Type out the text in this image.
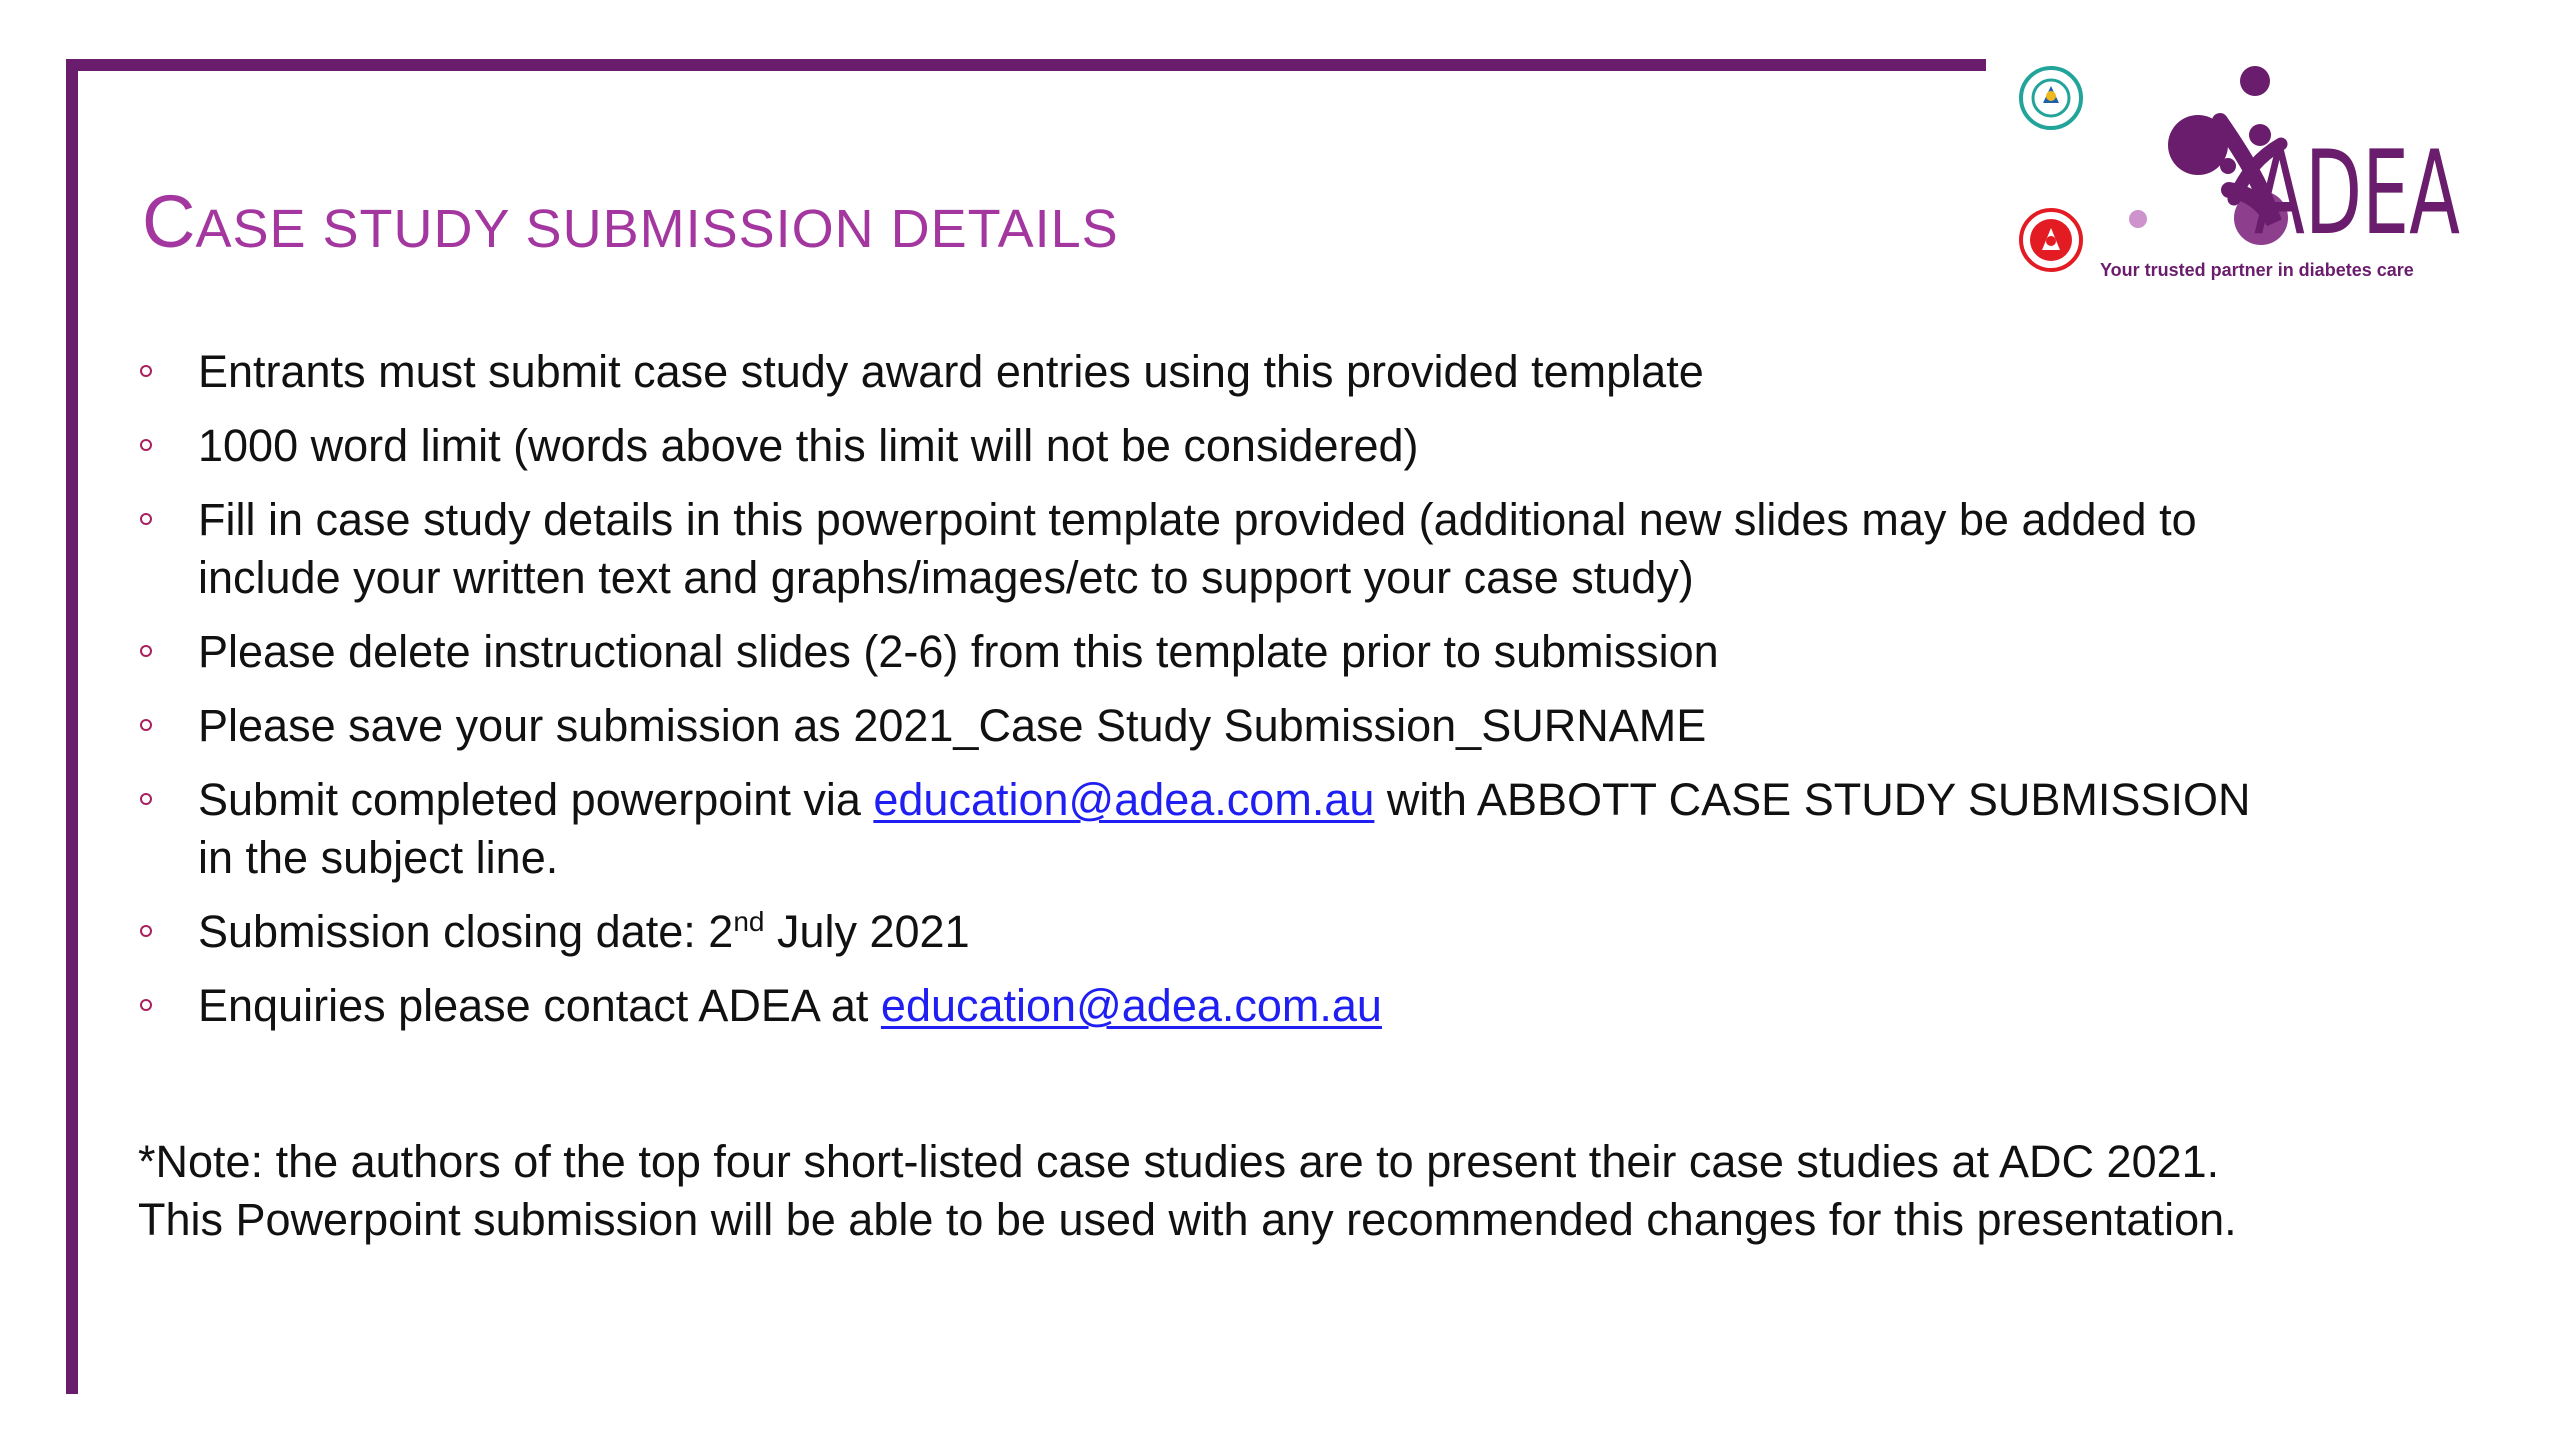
CASE STUDY SUBMISSION DETAILS	ADEA
Your trusted partner in diabetes care
Entrants must submit case study award entries using this provided template
1000 word limit (words above this limit will not be considered)
Fill in case study details in this powerpoint template provided (additional new slides may be added to include your written text and graphs/images/etc to support your case study)
Please delete instructional slides (2-6) from this template prior to submission
Please save your submission as 2021_Case Study Submission_SURNAME
Submit completed powerpoint via education@adea.com.au with ABBOTT CASE STUDY SUBMISSION in the subject line.
Submission closing date: 2nd July 2021
Enquiries please contact ADEA at education@adea.com.au

*Note: the authors of the top four short-listed case studies are to present their case studies at ADC 2021. This Powerpoint submission will be able to be used with any recommended changes for this presentation.
